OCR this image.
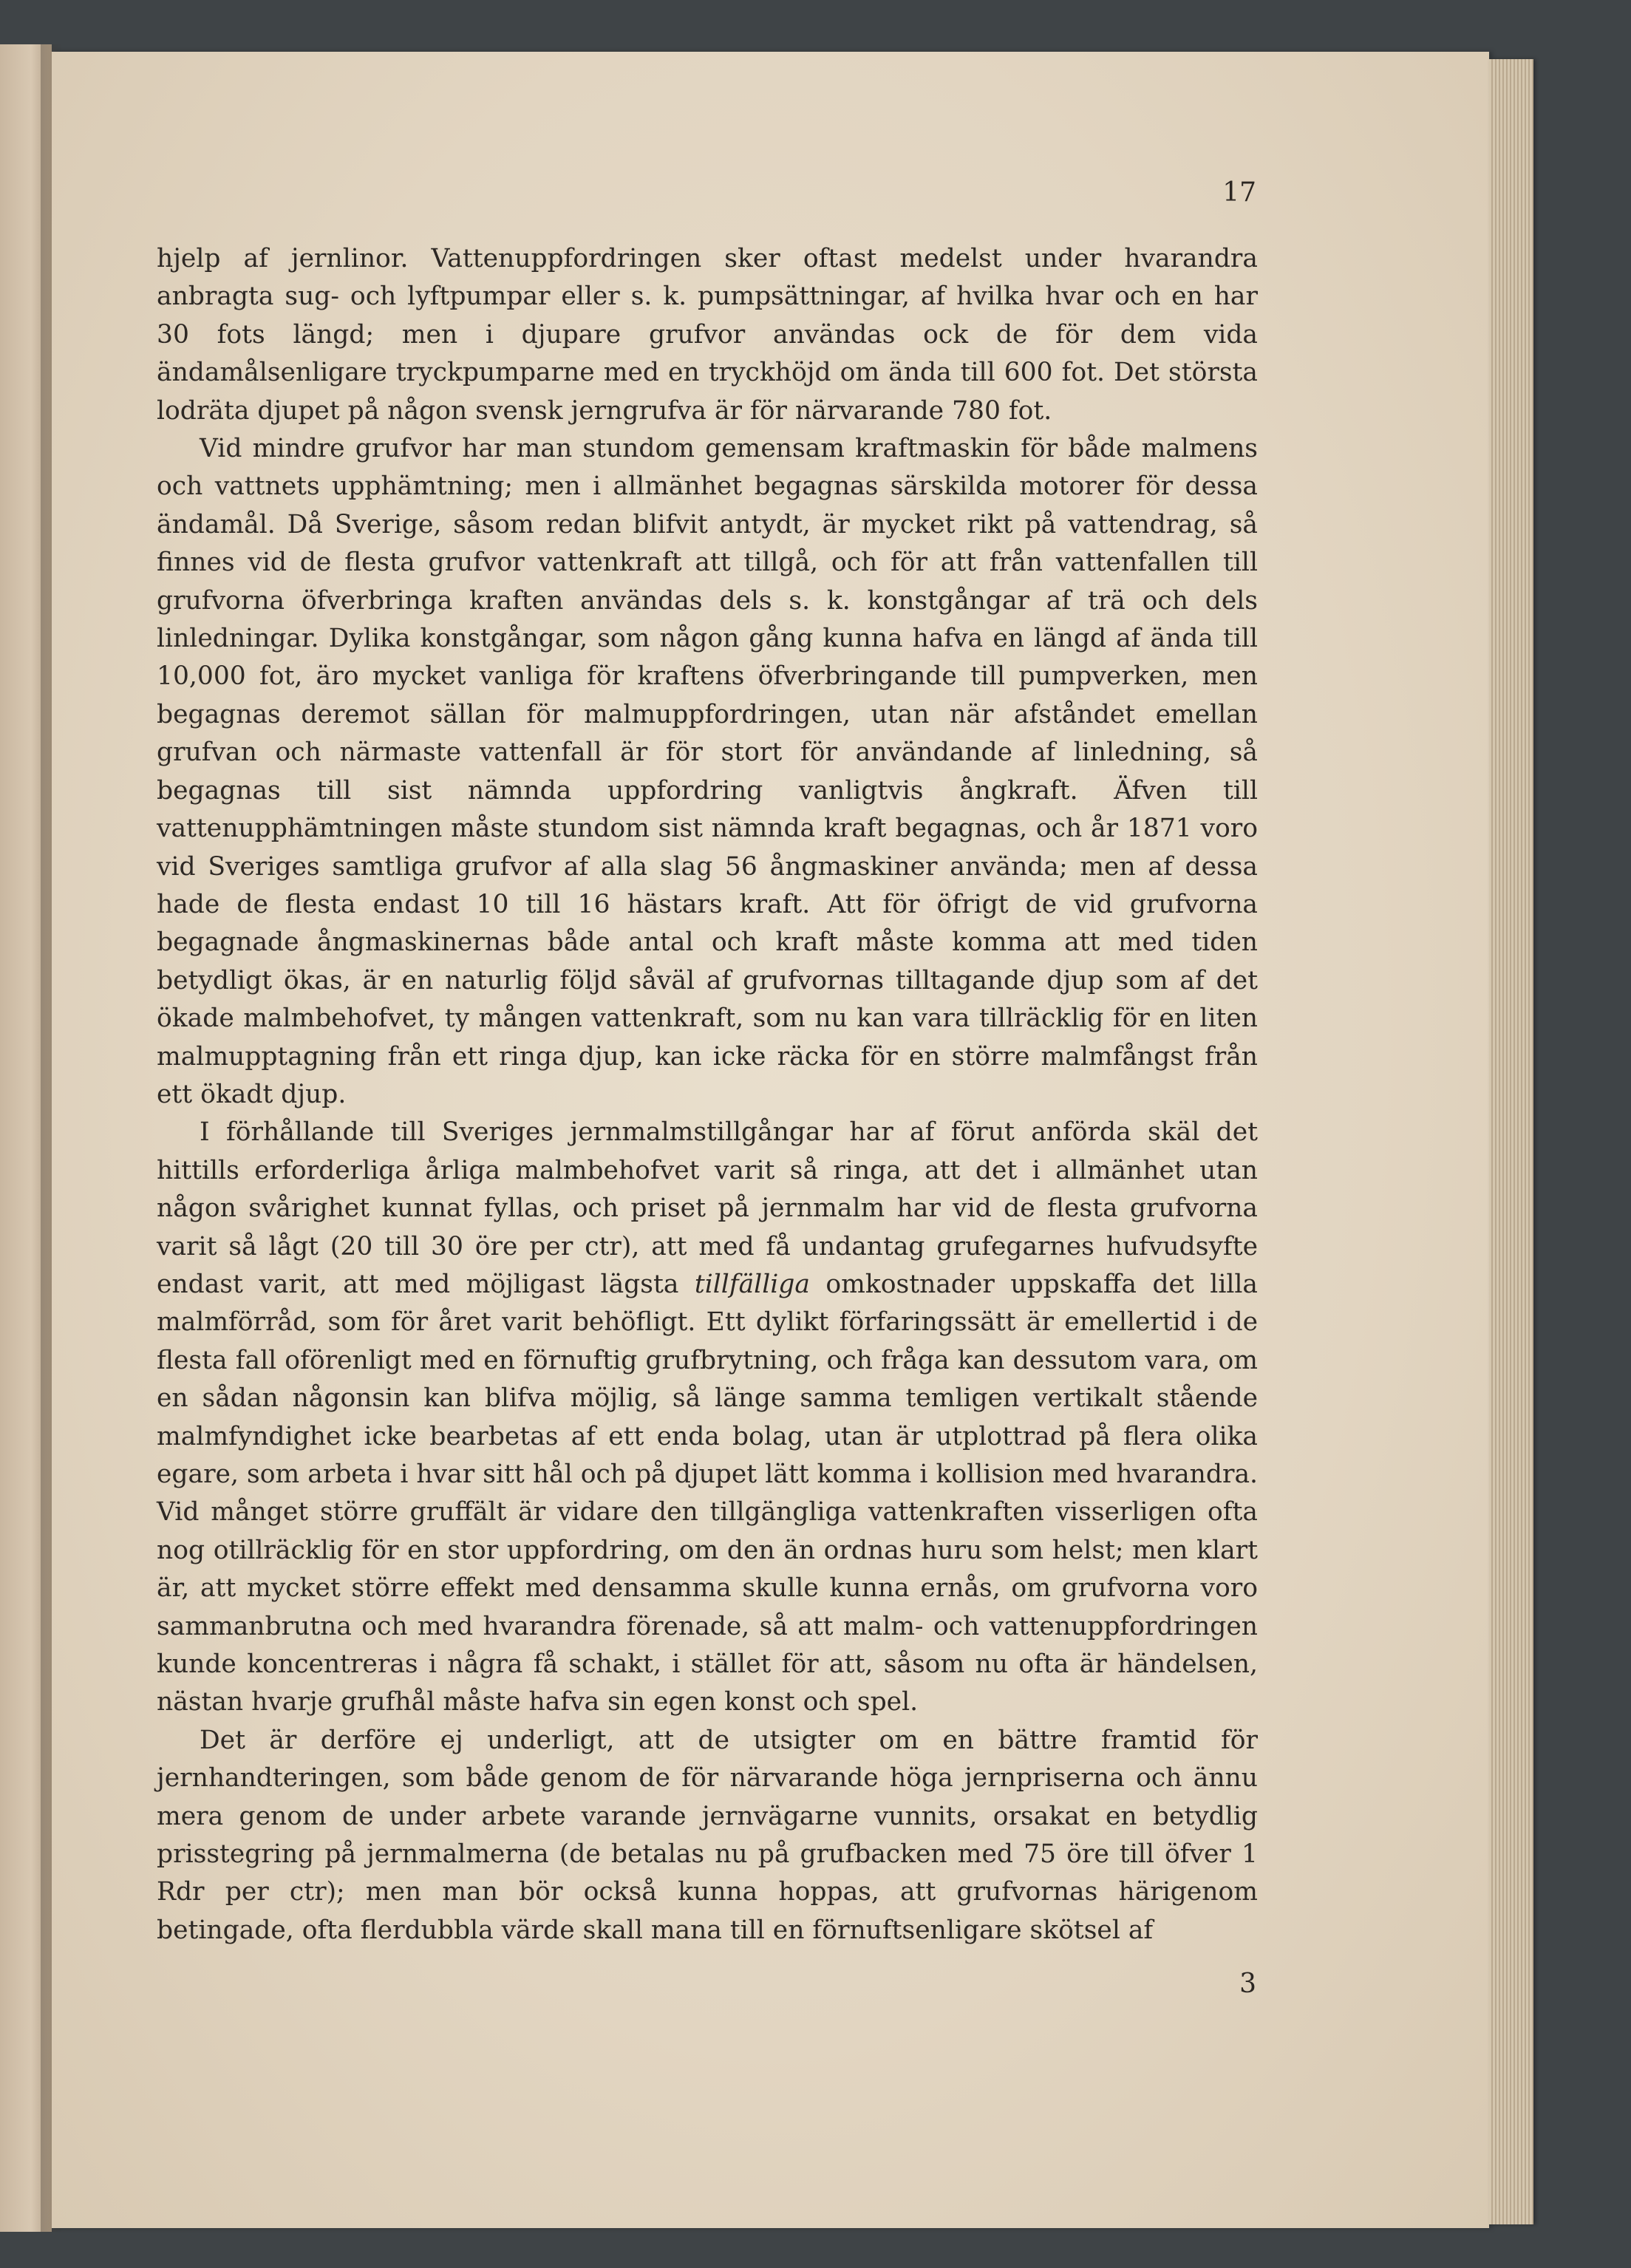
17

hjelp af jernlinor. Vattenuppfordringen sker oftast medelst under hvarandra anbragta sug- och lyftpumpar eller s. k. pumpsättningar, af hvilka hvar och en har 30 fots längd; men i djupare grufvor användas ock de för dem vida ändamålsenligare tryckpumparne med en tryckhöjd om ända till 600 fot. Det största lodräta djupet på någon svensk jerngrufva är för närvarande 780 fot.

Vid mindre grufvor har man stundom gemensam kraftmaskin för både malmens och vattnets upphämtning; men i allmänhet begagnas särskilda motorer för dessa ändamål. Då Sverige, såsom redan blifvit antydt, är mycket rikt på vattendrag, så finnes vid de flesta grufvor vattenkraft att tillgå, och för att från vattenfallen till grufvorna öfverbringa kraften användas dels s. k. konstgångar af trä och dels linledningar. Dylika konstgångar, som någon gång kunna hafva en längd af ända till 10,000 fot, äro mycket vanliga för kraftens öfverbringande till pumpverken, men begagnas deremot sällan för malmuppfordringen, utan när afståndet emellan grufvan och närmaste vattenfall är för stort för användande af linledning, så begagnas till sist nämnda uppfordring vanligtvis ångkraft. Äfven till vattenupphämtningen måste stundom sist nämnda kraft begagnas, och år 1871 voro vid Sveriges samtliga grufvor af alla slag 56 ångmaskiner använda; men af dessa hade de flesta endast 10 till 16 hästars kraft. Att för öfrigt de vid grufvorna begagnade ångmaskinernas både antal och kraft måste komma att med tiden betydligt ökas, är en naturlig följd såväl af grufvornas tilltagande djup som af det ökade malmbehofvet, ty mången vattenkraft, som nu kan vara tillräcklig för en liten malmupptagning från ett ringa djup, kan icke räcka för en större malmfångst från ett ökadt djup.

I förhållande till Sveriges jernmalmstillgångar har af förut anförda skäl det hittills erforderliga årliga malmbehofvet varit så ringa, att det i allmänhet utan någon svårighet kunnat fyllas, och priset på jernmalm har vid de flesta grufvorna varit så lågt (20 till 30 öre per ctr), att med få undantag grufegarnes hufvudsyfte endast varit, att med möjligast lägsta tillfälliga omkostnader uppskaffa det lilla malmförråd, som för året varit behöfligt. Ett dylikt förfaringssätt är emellertid i de flesta fall oförenligt med en förnuftig grufbrytning, och fråga kan dessutom vara, om en sådan någonsin kan blifva möjlig, så länge samma temligen vertikalt stående malmfyndighet icke bearbetas af ett enda bolag, utan är utplottrad på flera olika egare, som arbeta i hvar sitt hål och på djupet lätt komma i kollision med hvarandra. Vid månget större gruffält är vidare den tillgängliga vattenkraften visserligen ofta nog otillräcklig för en stor uppfordring, om den än ordnas huru som helst; men klart är, att mycket större effekt med densamma skulle kunna ernås, om grufvorna voro sammanbrutna och med hvarandra förenade, så att malm- och vattenuppfordringen kunde koncentreras i några få schakt, i stället för att, såsom nu ofta är händelsen, nästan hvarje grufhål måste hafva sin egen konst och spel.

Det är derföre ej underligt, att de utsigter om en bättre framtid för jernhandteringen, som både genom de för närvarande höga jernpriserna och ännu mera genom de under arbete varande jernvägarne vunnits, orsakat en betydlig prisstegring på jernmalmerna (de betalas nu på grufbacken med 75 öre till öfver 1 Rdr per ctr); men man bör också kunna hoppas, att grufvornas härigenom betingade, ofta flerdubbla värde skall mana till en förnuftsenligare skötsel af

3
